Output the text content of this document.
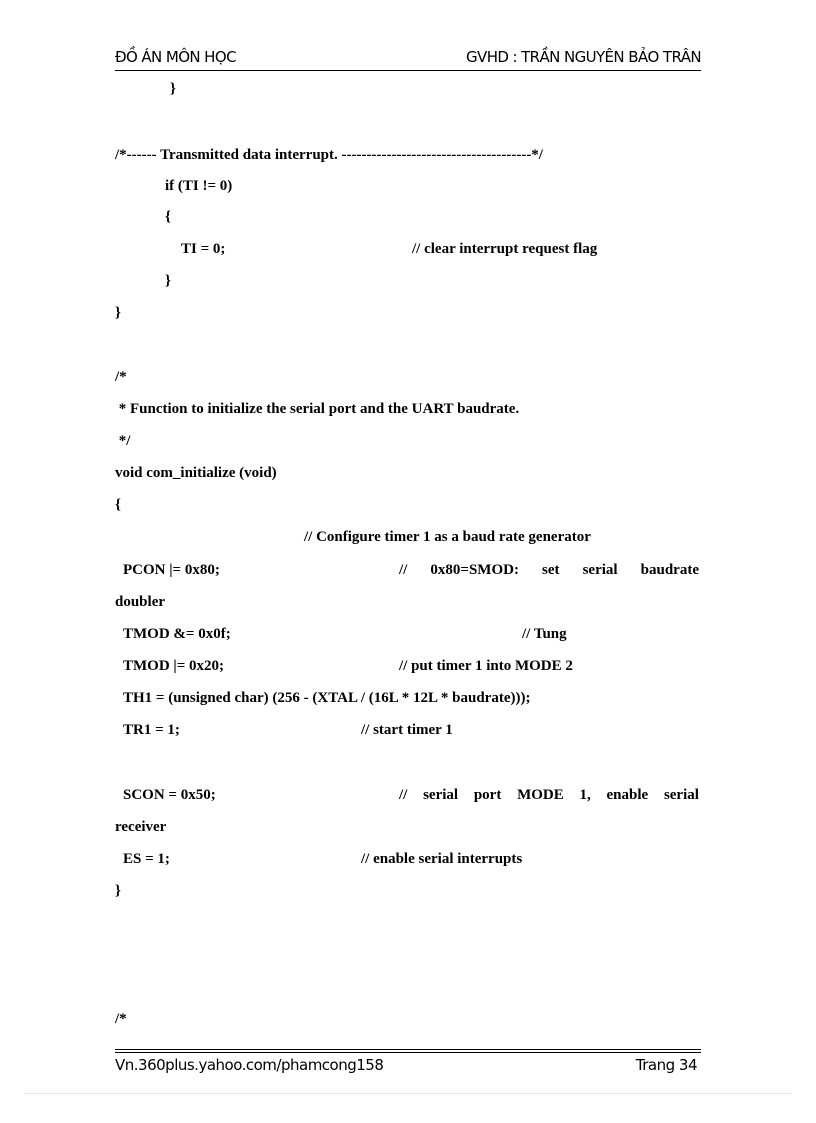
ĐỒ ÁN MÔN HỌC	GVHD : TRẦN NGUYÊN BẢO TRÂN
}
/*------ Transmitted data interrupt. --------------------------------------*/
if (TI != 0)
{
TI = 0;	// clear interrupt request flag
}
}
/*
* Function to initialize the serial port and the UART baudrate.
*/
void com_initialize (void)
{
// Configure timer 1 as a baud rate generator
PCON |= 0x80;	// 0x80=SMOD: set serial baudrate
doubler
TMOD &= 0x0f;	// Tung
TMOD |= 0x20;	// put timer 1 into MODE 2
TH1 = (unsigned char) (256 - (XTAL / (16L * 12L * baudrate)));
TR1 = 1;	// start timer 1
SCON = 0x50;	// serial port MODE 1, enable serial
receiver
ES = 1;	// enable serial interrupts
}
/*
Vn.360plus.yahoo.com/phamcong158	Trang 34
